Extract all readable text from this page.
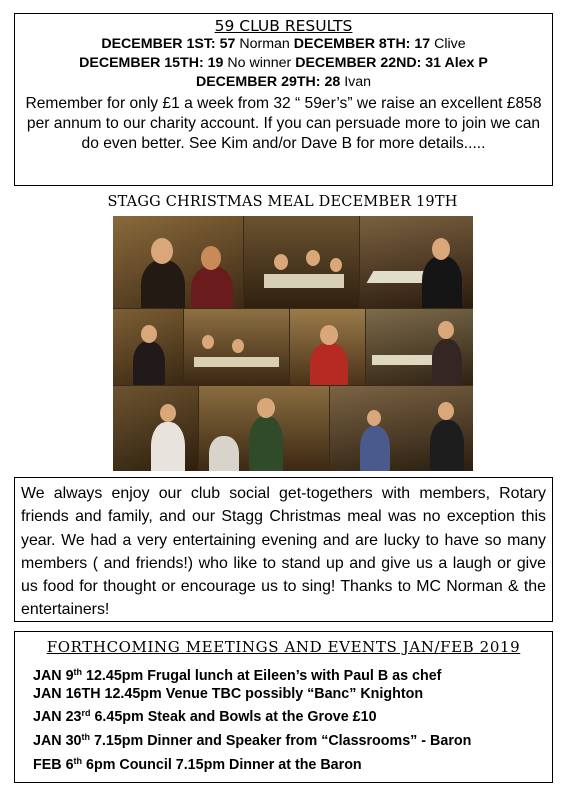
59 CLUB RESULTS
DECEMBER 1ST: 57 Norman DECEMBER 8TH: 17 Clive
DECEMBER 15TH: 19 No winner DECEMBER 22ND: 31 Alex P
DECEMBER 29TH: 28 Ivan
Remember for only £1 a week from 32 “ 59er’s” we raise an excellent £858 per annum to our charity account. If you can persuade more to join we can do even better. See Kim and/or Dave B for more details.....
STAGG CHRISTMAS MEAL DECEMBER 19TH

We always enjoy our club social get-togethers with members, Rotary friends and family, and our Stagg Christmas meal was no exception this year. We had a very entertaining evening and are lucky to have so many members ( and friends!) who like to stand up and give us a laugh or give us food for thought or encourage us to sing! Thanks to MC Norman & the entertainers!

FORTHCOMING MEETINGS AND EVENTS JAN/FEB 2019
JAN 9th 12.45pm Frugal lunch at Eileen’s with Paul B as chef
JAN 16TH 12.45pm Venue TBC possibly “Banc” Knighton
JAN 23rd 6.45pm Steak and Bowls at the Grove £10
JAN 30th 7.15pm Dinner and Speaker from “Classrooms” - Baron
FEB 6th 6pm Council 7.15pm Dinner at the Baron
